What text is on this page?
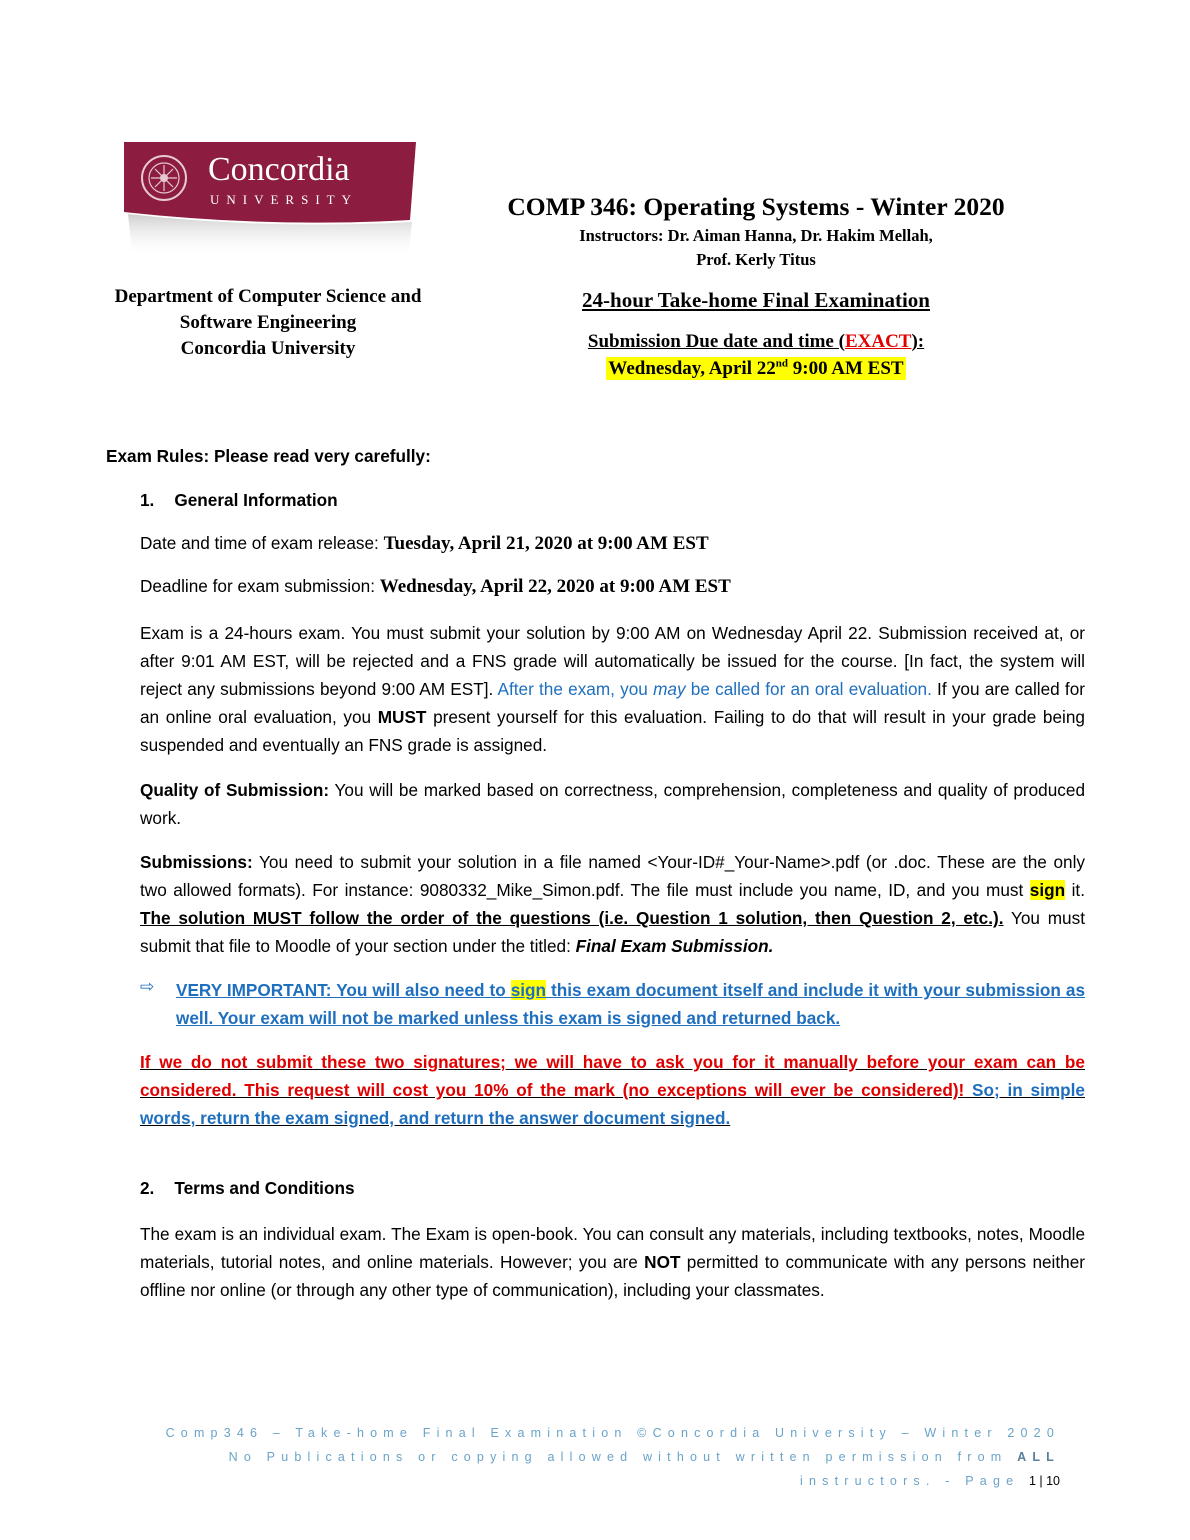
Concordia
UNIVERSITY	COMP 346: Operating Systems - Winter 2020
Instructors: Dr. Aiman Hanna, Dr. Hakim Mellah,
Prof. Kerly Titus
24-hour Take-home Final Examination
Submission Due date and time (EXACT):
Wednesday, April 22nd 9:00 AM EST
Department of Computer Science and
Software Engineering
Concordia University
Exam Rules: Please read very carefully:
1. General Information
Date and time of exam release: Tuesday, April 21, 2020 at 9:00 AM EST
Deadline for exam submission: Wednesday, April 22, 2020 at 9:00 AM EST
Exam is a 24-hours exam. You must submit your solution by 9:00 AM on Wednesday April 22. Submission received at, or after 9:01 AM EST, will be rejected and a FNS grade will automatically be issued for the course. [In fact, the system will reject any submissions beyond 9:00 AM EST]. After the exam, you may be called for an oral evaluation. If you are called for an online oral evaluation, you MUST present yourself for this evaluation. Failing to do that will result in your grade being suspended and eventually an FNS grade is assigned.
Quality of Submission: You will be marked based on correctness, comprehension, completeness and quality of produced work.
Submissions: You need to submit your solution in a file named <Your-ID#_Your-Name>.pdf (or .doc. These are the only two allowed formats). For instance: 9080332_Mike_Simon.pdf. The file must include you name, ID, and you must sign it. The solution MUST follow the order of the questions (i.e. Question 1 solution, then Question 2, etc.). You must submit that file to Moodle of your section under the titled: Final Exam Submission.
⇨ VERY IMPORTANT: You will also need to sign this exam document itself and include it with your submission as well. Your exam will not be marked unless this exam is signed and returned back.
If we do not submit these two signatures; we will have to ask you for it manually before your exam can be considered. This request will cost you 10% of the mark (no exceptions will ever be considered)! So; in simple words, return the exam signed, and return the answer document signed.
2. Terms and Conditions
The exam is an individual exam. The Exam is open-book. You can consult any materials, including textbooks, notes, Moodle materials, tutorial notes, and online materials. However; you are NOT permitted to communicate with any persons neither offline nor online (or through any other type of communication), including your classmates.
Comp346 – Take-home Final Examination ©Concordia University – Winter 2020
No Publications or copying allowed without written permission from ALL
instructors. - Page 1 | 10
